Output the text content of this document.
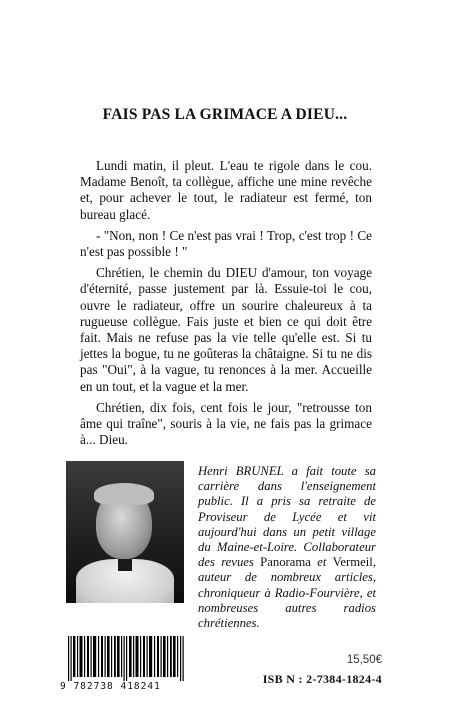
FAIS PAS LA GRIMACE A DIEU...

Lundi matin, il pleut. L'eau te rigole dans le cou. Madame Benoît, ta collègue, affiche une mine revêche et, pour achever le tout, le radiateur est fermé, ton bureau glacé.

- "Non, non ! Ce n'est pas vrai ! Trop, c'est trop ! Ce n'est pas possible ! "

Chrétien, le chemin du DIEU d'amour, ton voyage d'éternité, passe justement par là. Essuie-toi le cou, ouvre le radiateur, offre un sourire chaleureux à ta rugueuse collègue. Fais juste et bien ce qui doit être fait. Mais ne refuse pas la vie telle qu'elle est. Si tu jettes la bogue, tu ne goûteras la châtaigne. Si tu ne dis pas "Oui", à la vague, tu renonces à la mer. Accueille en un tout, et la vague et la mer.

Chrétien, dix fois, cent fois le jour, "retrousse ton âme qui traîne", souris à la vie, ne fais pas la grimace à... Dieu.

Henri BRUNEL a fait toute sa carrière dans l'enseignement public. Il a pris sa retraite de Proviseur de Lycée et vit aujourd'hui dans un petit village du Maine-et-Loire. Collaborateur des revues Panorama et Vermeil, auteur de nombreux articles, chroniqueur à Radio-Fourvière, et nombreuses autres radios chrétiennes.
9 782738 418241
15,50€
ISB N : 2-7384-1824-4
